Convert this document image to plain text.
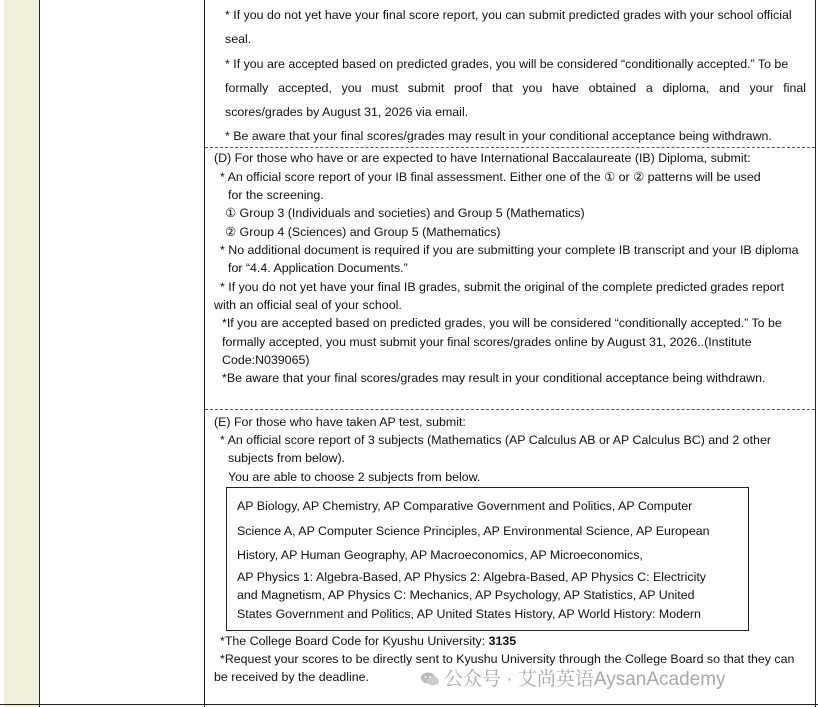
* If you do not yet have your final score report, you can submit predicted grades with your school official
seal.
* If you are accepted based on predicted grades, you will be considered “conditionally accepted.” To be
formally accepted, you must submit proof that you have obtained a diploma, and your final
scores/grades by August 31, 2026 via email.
* Be aware that your final scores/grades may result in your conditional acceptance being withdrawn.
(D) For those who have or are expected to have International Baccalaureate (IB) Diploma, submit:
* An official score report of your IB final assessment. Either one of the ① or ② patterns will be used
for the screening.
① Group 3 (Individuals and societies) and Group 5 (Mathematics)
② Group 4 (Sciences) and Group 5 (Mathematics)
* No additional document is required if you are submitting your complete IB transcript and your IB diploma
for “4.4. Application Documents.”
* If you do not yet have your final IB grades, submit the original of the complete predicted grades report
with an official seal of your school.
*If you are accepted based on predicted grades, you will be considered “conditionally accepted.” To be
formally accepted, you must submit your final scores/grades online by August 31, 2026..(Institute
Code:N039065)
*Be aware that your final scores/grades may result in your conditional acceptance being withdrawn.
(E) For those who have taken AP test, submit:
* An official score report of 3 subjects (Mathematics (AP Calculus AB or AP Calculus BC) and 2 other
subjects from below).
You are able to choose 2 subjects from below.
AP Biology, AP Chemistry, AP Comparative Government and Politics, AP Computer
Science A, AP Computer Science Principles, AP Environmental Science, AP European
History, AP Human Geography, AP Macroeconomics, AP Microeconomics,
AP Physics 1: Algebra-Based, AP Physics 2: Algebra-Based, AP Physics C: Electricity
and Magnetism, AP Physics C: Mechanics, AP Psychology, AP Statistics, AP United
States Government and Politics, AP United States History, AP World History: Modern
*The College Board Code for Kyushu University: 3135
*Request your scores to be directly sent to Kyushu University through the College Board so that they can
be received by the deadline.	公众号 · 艾尚英语AysanAcademy
